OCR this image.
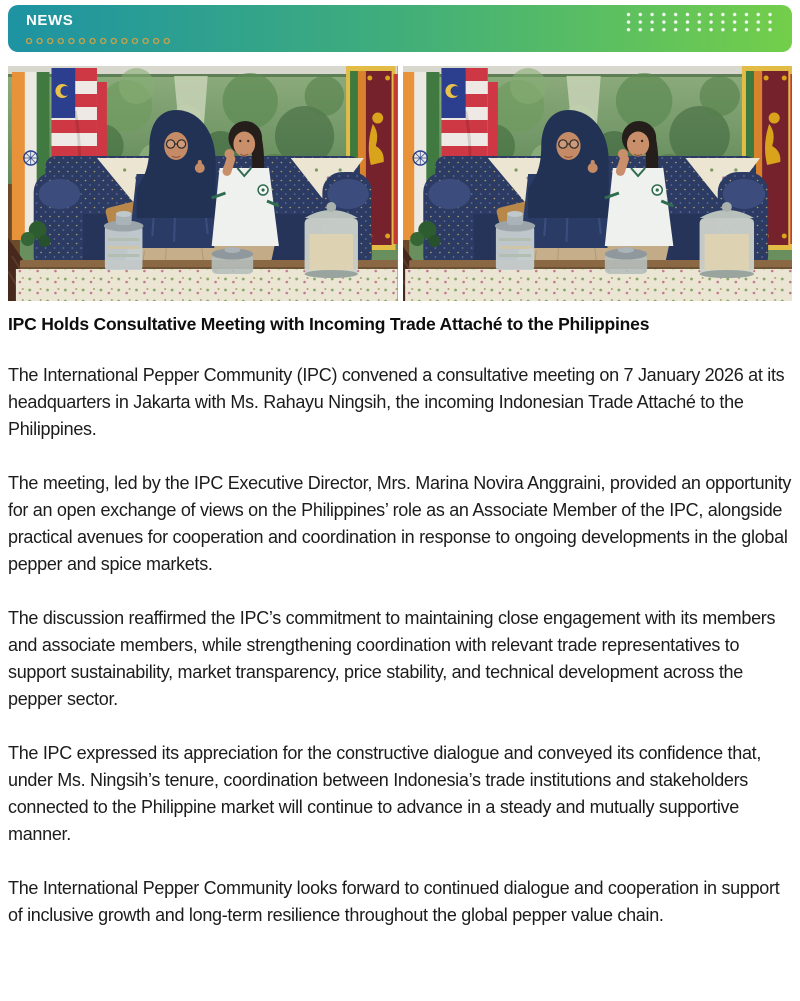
NEWS
IPC Holds Consultative Meeting with Incoming Trade Attaché to the Philippines

The International Pepper Community (IPC) convened a consultative meeting on 7 January 2026 at its headquarters in Jakarta with Ms. Rahayu Ningsih, the incoming Indonesian Trade Attaché to the Philippines.

The meeting, led by the IPC Executive Director, Mrs. Marina Novira Anggraini, provided an opportunity for an open exchange of views on the Philippines’ role as an Associate Member of the IPC, alongside practical avenues for cooperation and coordination in response to ongoing developments in the global pepper and spice markets.

The discussion reaffirmed the IPC’s commitment to maintaining close engagement with its members and associate members, while strengthening coordination with relevant trade representatives to support sustainability, market transparency, price stability, and technical development across the pepper sector.

The IPC expressed its appreciation for the constructive dialogue and conveyed its confidence that, under Ms. Ningsih’s tenure, coordination between Indonesia’s trade institutions and stakeholders connected to the Philippine market will continue to advance in a steady and mutually supportive manner.

The International Pepper Community looks forward to continued dialogue and cooperation in support of inclusive growth and long-term resilience throughout the global pepper value chain.
